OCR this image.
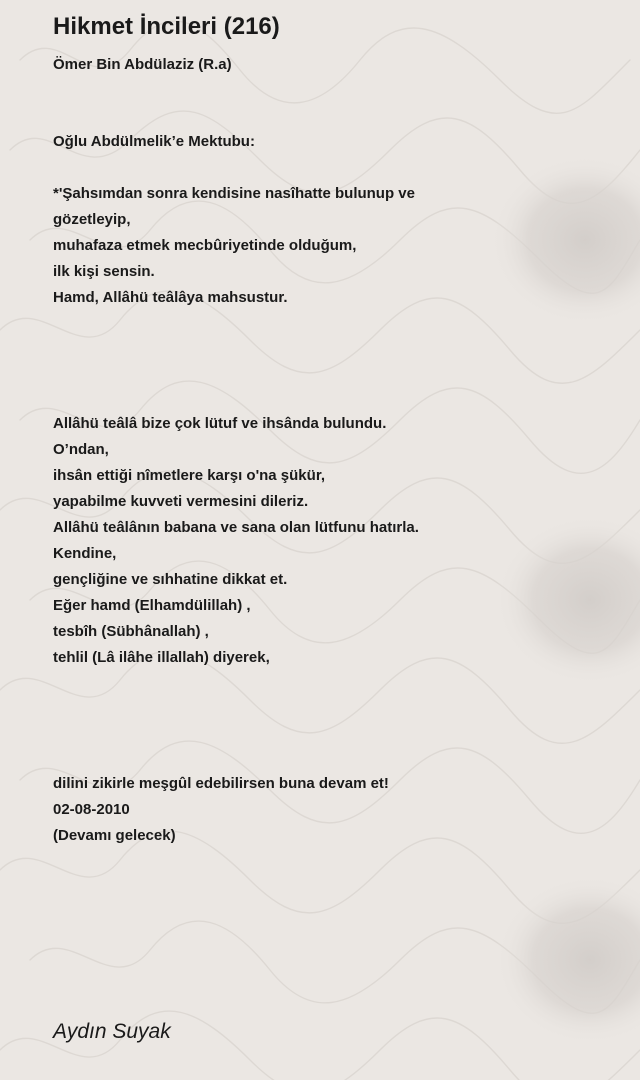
Hikmet İncileri (216)
Ömer Bin Abdülaziz (R.a)
Oğlu Abdülmelik’e Mektubu:
*'Şahsımdan sonra kendisine nasîhatte bulunup ve
gözetleyip,
muhafaza etmek mecbûriyetinde olduğum,
ilk kişi sensin.
Hamd, Allâhü teâlâya mahsustur.
Allâhü teâlâ bize çok lütuf ve ihsânda bulundu.
O’ndan,
ihsân ettiği nîmetlere karşı o'na şükür,
yapabilme kuvveti vermesini dileriz.
Allâhü teâlânın babana ve sana olan lütfunu hatırla.
Kendine,
gençliğine ve sıhhatine dikkat et.
Eğer hamd (Elhamdülillah) ,
tesbîh (Sübhânallah) ,
tehlil (Lâ ilâhe illallah) diyerek,
dilini zikirle meşgûl edebilirsen buna devam et!
02-08-2010
(Devamı gelecek)
Aydın Suyak
